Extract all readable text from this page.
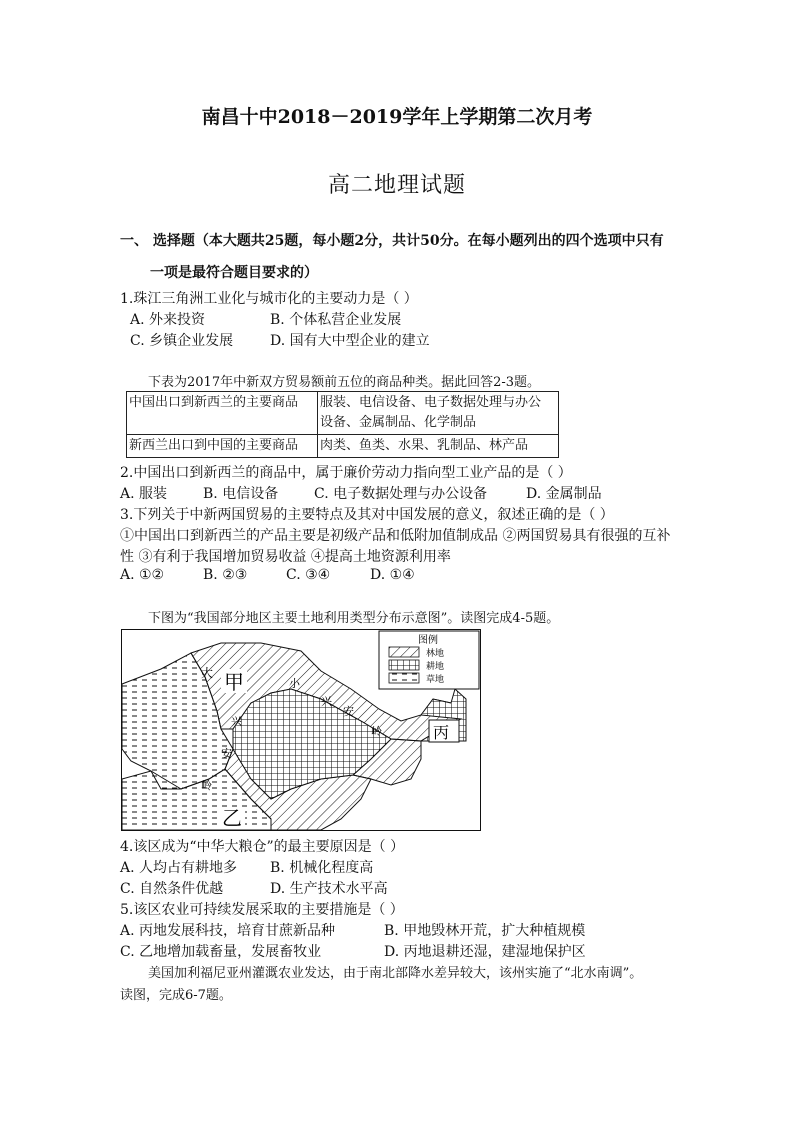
南昌十中2018－2019学年上学期第二次月考
高二地理试题
一、 选择题（本大题共25题，每小题2分，共计50分。在每小题列出的四个选项中只有
一项是最符合题目要求的）
1.珠江三角洲工业化与城市化的主要动力是（ ）
A. 外来投资	B. 个体私营企业发展
C. 乡镇企业发展	D. 国有大中型企业的建立
下表为2017年中新双方贸易额前五位的商品种类。据此回答2-3题。
中国出口到新西兰的主要商品	服装、电信设备、电子数据处理与办公
设备、金属制品、化学制品

新西兰出口到中国的主要商品	肉类、鱼类、水果、乳制品、林产品
2.中国出口到新西兰的商品中，属于廉价劳动力指向型工业产品的是（ ）
A. 服装	B. 电信设备	C. 电子数据处理与办公设备	D. 金属制品
3.下列关于中新两国贸易的主要特点及其对中国发展的意义，叙述正确的是（ ）
①中国出口到新西兰的产品主要是初级产品和低附加值制成品 ②两国贸易具有很强的互补
性 ③有利于我国增加贸易收益 ④提高土地资源利用率
A. ①②	B. ②③	C. ③④	D. ①④
下图为“我国部分地区主要土地利用类型分布示意图”。读图完成4-5题。
大 甲	小
兴
安
岭
兴
安
岭
乙
丙
图例
林地
耕地
草地
4.该区成为“中华大粮仓”的最主要原因是（ ）
A. 人均占有耕地多 B. 机械化程度高
C. 自然条件优越	D. 生产技术水平高
5.该区农业可持续发展采取的主要措施是（ ）
A. 丙地发展科技，培育甘蔗新品种	B. 甲地毁林开荒，扩大种植规模
C. 乙地增加载畜量，发展畜牧业	D. 丙地退耕还湿，建湿地保护区
美国加利福尼亚州灌溉农业发达，由于南北部降水差异较大，该州实施了“北水南调”。
读图，完成6-7题。
